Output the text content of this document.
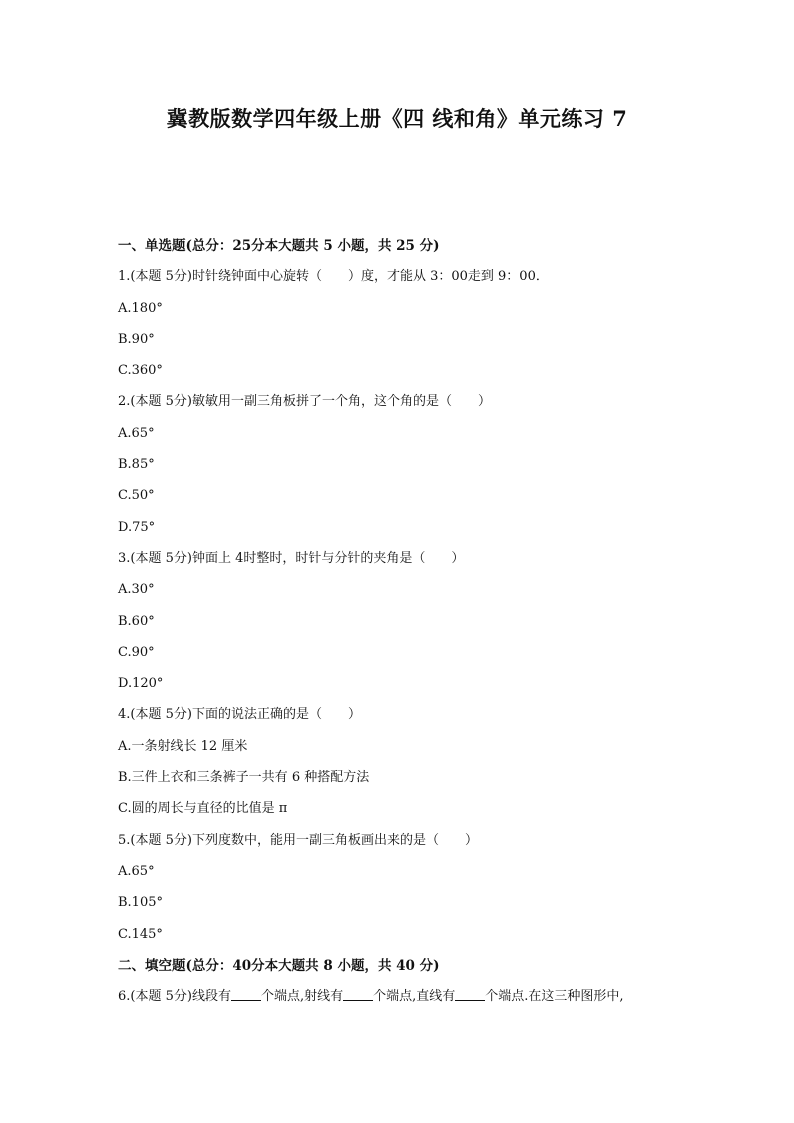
冀教版数学四年级上册《四 线和角》单元练习 7
一、单选题(总分：25分本大题共 5 小题，共 25 分)
1.(本题 5分)时针绕钟面中心旋转（　　）度，才能从 3：00走到 9：00．
A.180°
B.90°
C.360°
2.(本题 5分)敏敏用一副三角板拼了一个角，这个角的是（　　）
A.65°
B.85°
C.50°
D.75°
3.(本题 5分)钟面上 4时整时，时针与分针的夹角是（　　）
A.30°
B.60°
C.90°
D.120°
4.(本题 5分)下面的说法正确的是（　　）
A.一条射线长 12 厘米
B.三件上衣和三条裤子一共有 6 种搭配方法
C.圆的周长与直径的比值是 π
5.(本题 5分)下列度数中，能用一副三角板画出来的是（　　）
A.65°
B.105°
C.145°
二、填空题(总分：40分本大题共 8 小题，共 40 分)
6.(本题 5分)线段有 个端点,射线有 个端点,直线有 个端点.在这三种图形中,
